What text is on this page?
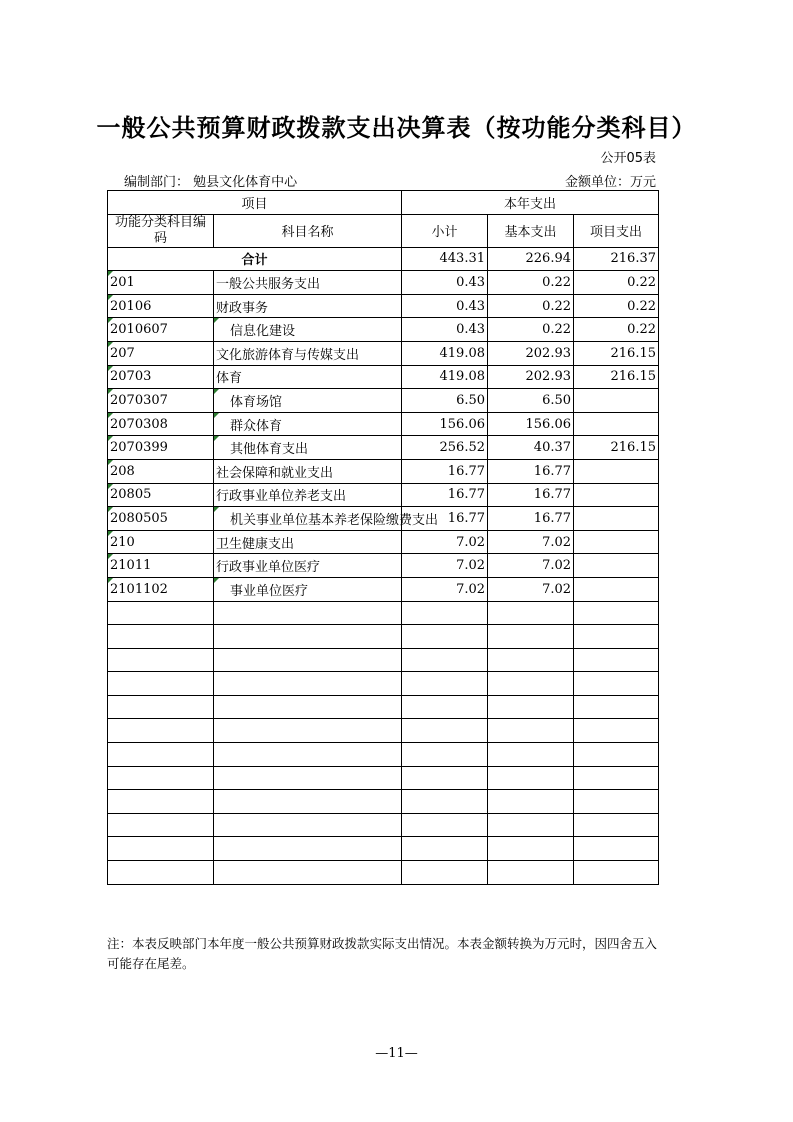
一般公共预算财政拨款支出决算表（按功能分类科目）
公开05表
编制部门： 勉县文化体育中心	金额单位：万元
项目		本年支出		
功能分类科目编码	科目名称	小计	基本支出	项目支出
合计		443.31	226.94	216.37

201	一般公共服务支出	0.43	0.22	0.22

20106	财政事务	0.43	0.22	0.22

2010607	信息化建设	0.43	0.22	0.22

207	文化旅游体育与传媒支出	419.08	202.93	216.15

20703	体育	419.08	202.93	216.15

2070307	体育场馆	6.50	6.50	

2070308	群众体育	156.06	156.06	

2070399	其他体育支出	256.52	40.37	216.15

208	社会保障和就业支出	16.77	16.77	

20805	行政事业单位养老支出	16.77	16.77	

2080505	机关事业单位基本养老保险缴费支出	16.77	16.77	

210	卫生健康支出	7.02	7.02	

21011	行政事业单位医疗	7.02	7.02	

2101102	事业单位医疗	7.02	7.02	

注：本表反映部门本年度一般公共预算财政拨款实际支出情况。本表金额转换为万元时，因四舍五入可能存在尾差。
—11—
